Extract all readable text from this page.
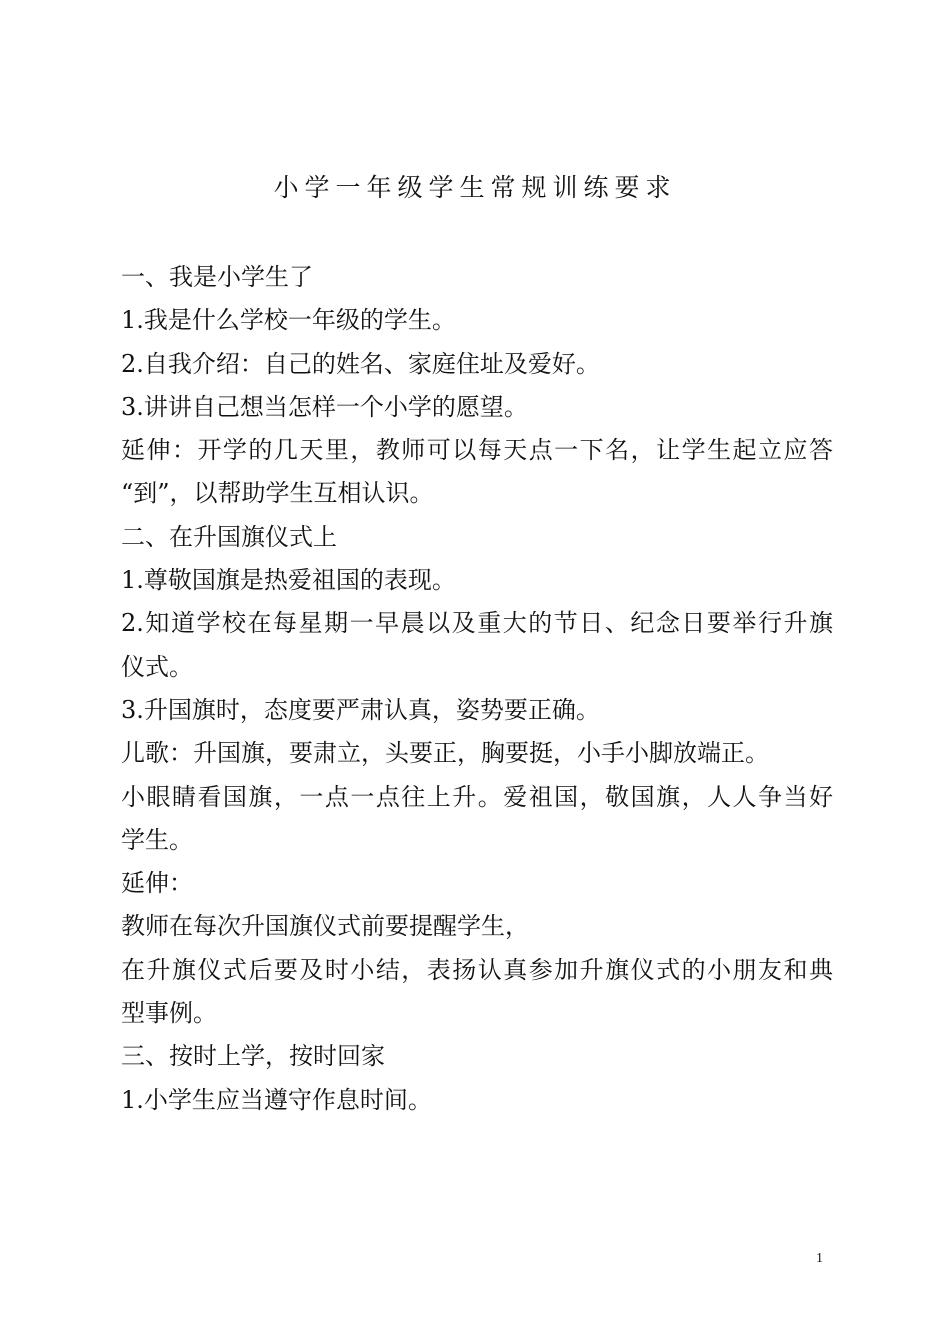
小学一年级学生常规训练要求

一、我是小学生了

1.我是什么学校一年级的学生。

2.自我介绍：自己的姓名、家庭住址及爱好。

3.讲讲自己想当怎样一个小学的愿望。

延伸：开学的几天里，教师可以每天点一下名，让学生起立应答

“到”，以帮助学生互相认识。

二、在升国旗仪式上

1.尊敬国旗是热爱祖国的表现。

2.知道学校在每星期一早晨以及重大的节日、纪念日要举行升旗

仪式。

3.升国旗时，态度要严肃认真，姿势要正确。

儿歌：升国旗，要肃立，头要正，胸要挺，小手小脚放端正。

小眼睛看国旗，一点一点往上升。爱祖国，敬国旗，人人争当好

学生。

延伸：

教师在每次升国旗仪式前要提醒学生，

在升旗仪式后要及时小结，表扬认真参加升旗仪式的小朋友和典

型事例。

三、按时上学，按时回家

1.小学生应当遵守作息时间。

1
